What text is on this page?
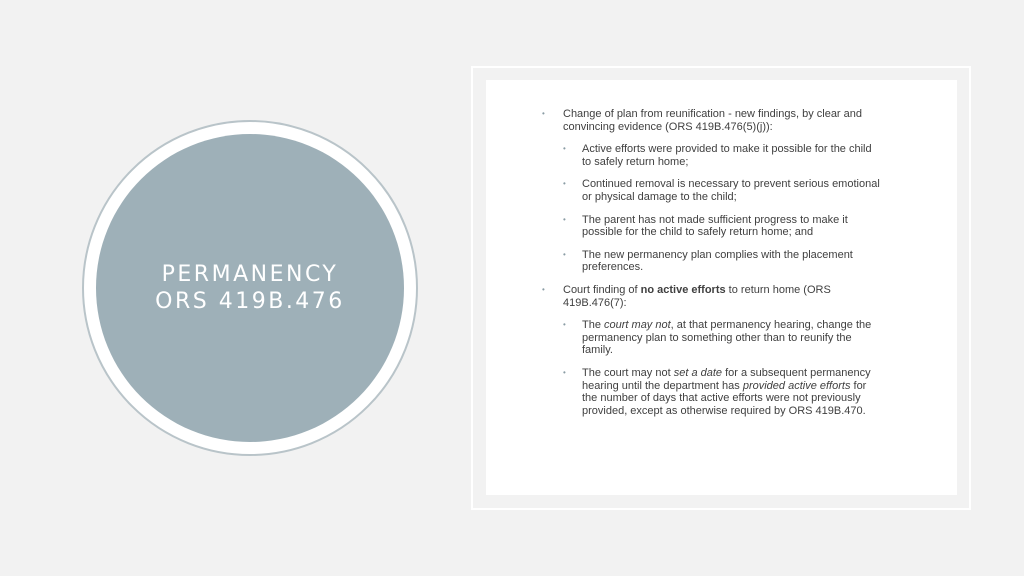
PERMANENCY
ORS 419B.476
• Change of plan from reunification - new findings, by clear and convincing evidence (ORS 419B.476(5)(j)):
• Active efforts were provided to make it possible for the child to safely return home;
• Continued removal is necessary to prevent serious emotional or physical damage to the child;
• The parent has not made sufficient progress to make it possible for the child to safely return home; and
• The new permanency plan complies with the placement preferences.
• Court finding of no active efforts to return home (ORS 419B.476(7):
• The court may not, at that permanency hearing, change the permanency plan to something other than to reunify the family.
• The court may not set a date for a subsequent permanency hearing until the department has provided active efforts for the number of days that active efforts were not previously provided, except as otherwise required by ORS 419B.470.
